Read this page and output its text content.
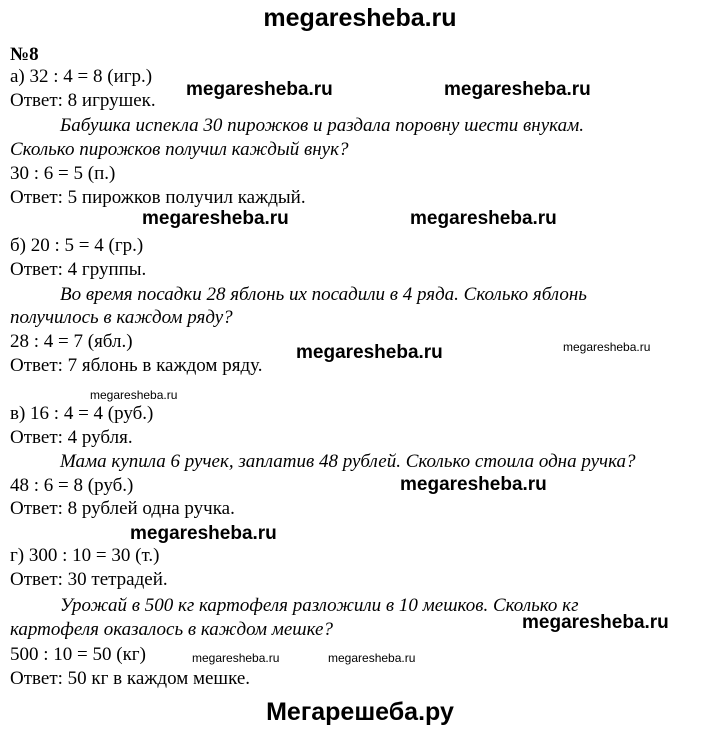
megaresheba.ru
№8
а) 32 : 4 = 8 (игр.)
Ответ: 8 игрушек.
Бабушка испекла 30 пирожков и раздала поровну шести внукам.
Сколько пирожков получил каждый внук?
30 : 6 = 5 (п.)
Ответ: 5 пирожков получил каждый.
б) 20 : 5 = 4 (гр.)
Ответ: 4 группы.
Во время посадки 28 яблонь их посадили в 4 ряда. Сколько яблонь
получилось в каждом ряду?
28 : 4 = 7 (ябл.)
Ответ: 7 яблонь в каждом ряду.
в) 16 : 4 = 4 (руб.)
Ответ: 4 рубля.
Мама купила 6 ручек, заплатив 48 рублей. Сколько стоила одна ручка?
48 : 6 = 8 (руб.)
Ответ: 8 рублей одна ручка.
г) 300 : 10 = 30 (т.)
Ответ: 30 тетрадей.
Урожай в 500 кг картофеля разложили в 10 мешков. Сколько кг
картофеля оказалось в каждом мешке?
500 : 10 = 50 (кг)
Ответ: 50 кг в каждом мешке.
megaresheba.ru	megaresheba.ru
megaresheba.ru	megaresheba.ru
megaresheba.ru	megaresheba.ru
megaresheba.ru
megaresheba.ru
megaresheba.ru
megaresheba.ru
megaresheba.ru	megaresheba.ru
Мегарешеба.ру
